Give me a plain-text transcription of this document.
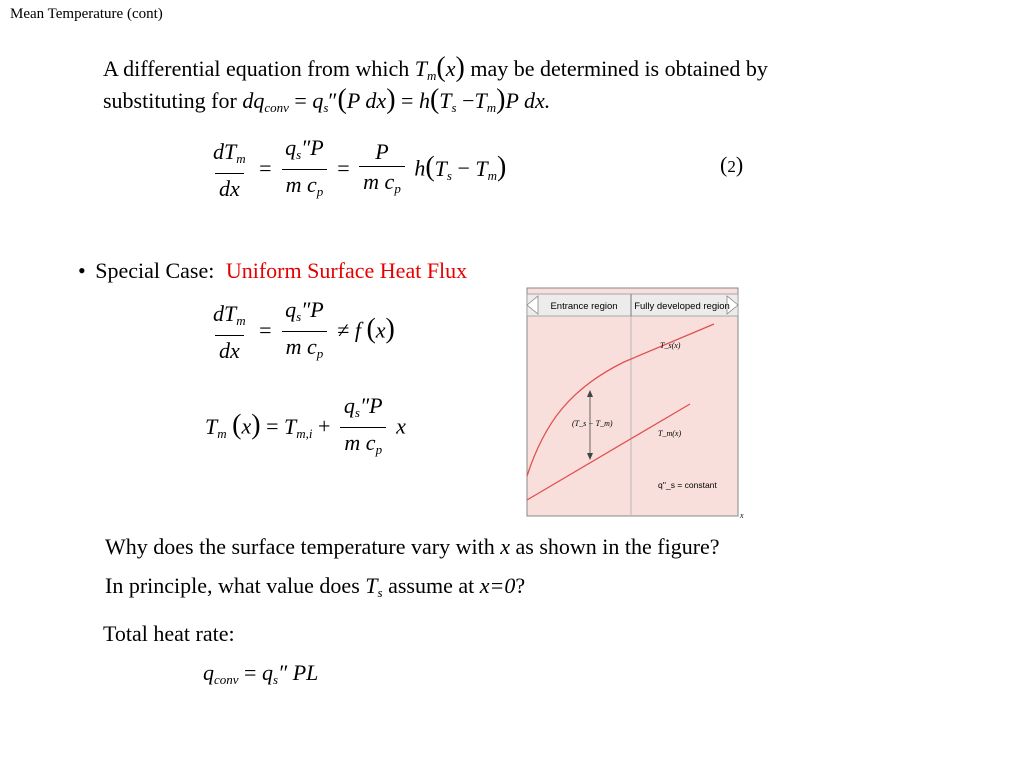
Mean Temperature (cont)
A differential equation from which $T_m(x)$ may be determined is obtained by
substituting for $dq_{conv} = q_s''(P$ $dx) = h(T_s -T_m)P$ dx.
$\frac{dT_m}{dx} = \frac{q_s''P}{m c_p} = \frac{P}{m c_p} h(T_s - T_m)$	(2)
• Special Case: Uniform Surface Heat Flux
$\frac{dT_m}{dx} = \frac{q_s''P}{m c_p} \ne f$ (x)
$T_m$ $(x) = T_{m,i} + \frac{q_s''P}{m c_p}$ x
Entrance region Fully developed region
(T_s − T_m)
T_s(x)
T_m(x)
q''_s = constant
x
Why does the surface temperature vary with x as shown in the figure?
In principle, what value does $T_s$ assume at x=0?
Total heat rate:
$q_{conv} = q_s''$ PL
